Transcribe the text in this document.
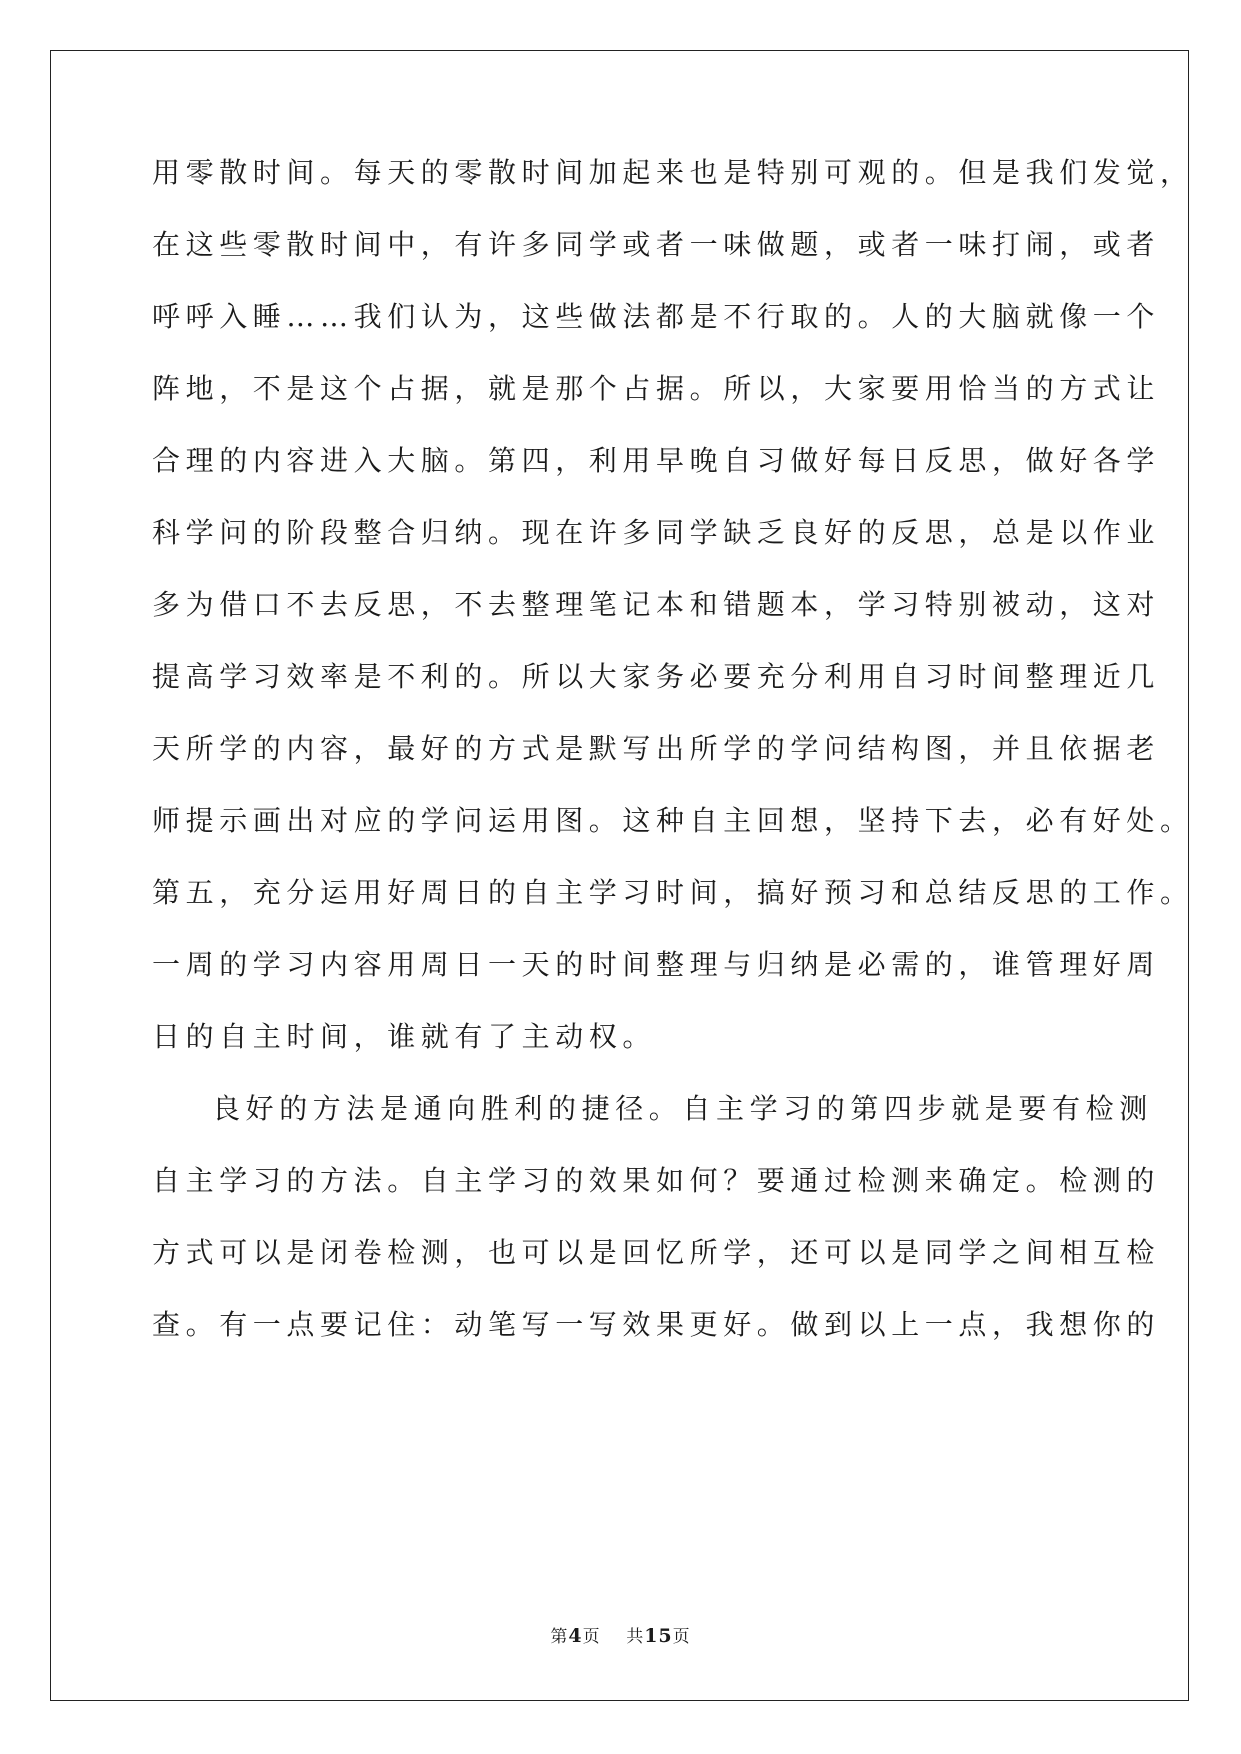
用零散时间。每天的零散时间加起来也是特别可观的。但是我们发觉，
在这些零散时间中，有许多同学或者一味做题，或者一味打闹，或者
呼呼入睡……我们认为，这些做法都是不行取的。人的大脑就像一个
阵地，不是这个占据，就是那个占据。所以，大家要用恰当的方式让
合理的内容进入大脑。第四，利用早晚自习做好每日反思，做好各学
科学问的阶段整合归纳。现在许多同学缺乏良好的反思，总是以作业
多为借口不去反思，不去整理笔记本和错题本，学习特别被动，这对
提高学习效率是不利的。所以大家务必要充分利用自习时间整理近几
天所学的内容，最好的方式是默写出所学的学问结构图，并且依据老
师提示画出对应的学问运用图。这种自主回想，坚持下去，必有好处。
第五，充分运用好周日的自主学习时间，搞好预习和总结反思的工作。
一周的学习内容用周日一天的时间整理与归纳是必需的，谁管理好周
日的自主时间，谁就有了主动权。
良好的方法是通向胜利的捷径。自主学习的第四步就是要有检测
自主学习的方法。自主学习的效果如何？要通过检测来确定。检测的
方式可以是闭卷检测，也可以是回忆所学，还可以是同学之间相互检
查。有一点要记住：动笔写一写效果更好。做到以上一点，我想你的
第4页 共15页
